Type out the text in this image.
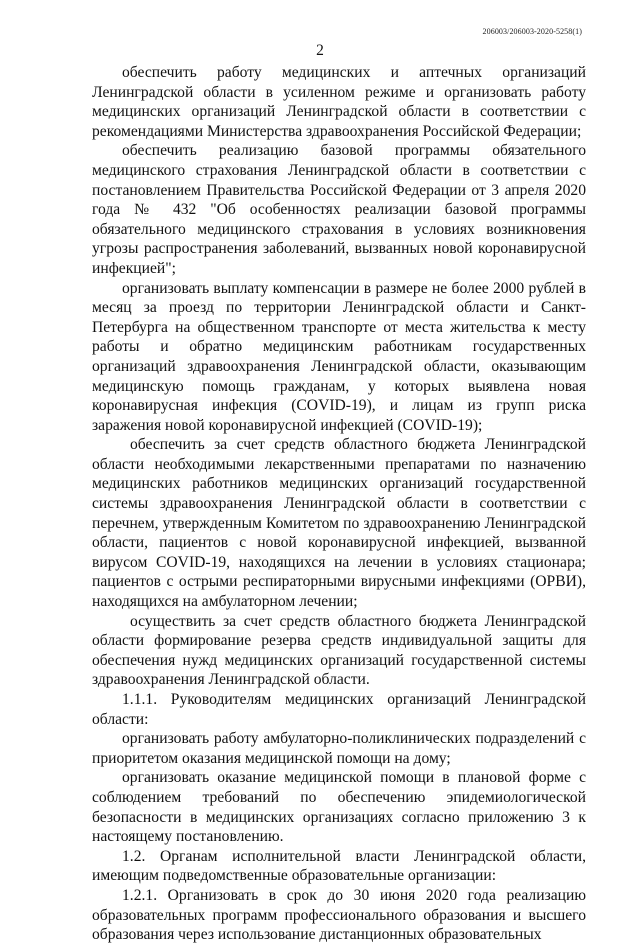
206003/206003-2020-5258(1)
2

обеспечить работу медицинских и аптечных организаций Ленинградской области в усиленном режиме и организовать работу медицинских организаций Ленинградской области в соответствии с рекомендациями Министерства здравоохранения Российской Федерации;

обеспечить реализацию базовой программы обязательного медицинского страхования Ленинградской области в соответствии с постановлением Правительства Российской Федерации от 3 апреля 2020 года № 432 "Об особенностях реализации базовой программы обязательного медицинского страхования в условиях возникновения угрозы распространения заболеваний, вызванных новой коронавирусной инфекцией";

организовать выплату компенсации в размере не более 2000 рублей в месяц за проезд по территории Ленинградской области и Санкт-Петербурга на общественном транспорте от места жительства к месту работы и обратно медицинским работникам государственных организаций здравоохранения Ленинградской области, оказывающим медицинскую помощь гражданам, у которых выявлена новая коронавирусная инфекция (COVID-19), и лицам из групп риска заражения новой коронавирусной инфекцией (COVID-19);

обеспечить за счет средств областного бюджета Ленинградской области необходимыми лекарственными препаратами по назначению медицинских работников медицинских организаций государственной системы здравоохранения Ленинградской области в соответствии с перечнем, утвержденным Комитетом по здравоохранению Ленинградской области, пациентов с новой коронавирусной инфекцией, вызванной вирусом COVID-19, находящихся на лечении в условиях стационара; пациентов с острыми респираторными вирусными инфекциями (ОРВИ), находящихся на амбулаторном лечении;

осуществить за счет средств областного бюджета Ленинградской области формирование резерва средств индивидуальной защиты для обеспечения нужд медицинских организаций государственной системы здравоохранения Ленинградской области.

1.1.1. Руководителям медицинских организаций Ленинградской области:

организовать работу амбулаторно-поликлинических подразделений с приоритетом оказания медицинской помощи на дому;

организовать оказание медицинской помощи в плановой форме с соблюдением требований по обеспечению эпидемиологической безопасности в медицинских организациях согласно приложению 3 к настоящему постановлению.

1.2. Органам исполнительной власти Ленинградской области, имеющим подведомственные образовательные организации:

1.2.1. Организовать в срок до 30 июня 2020 года реализацию образовательных программ профессионального образования и высшего образования через использование дистанционных образовательных
